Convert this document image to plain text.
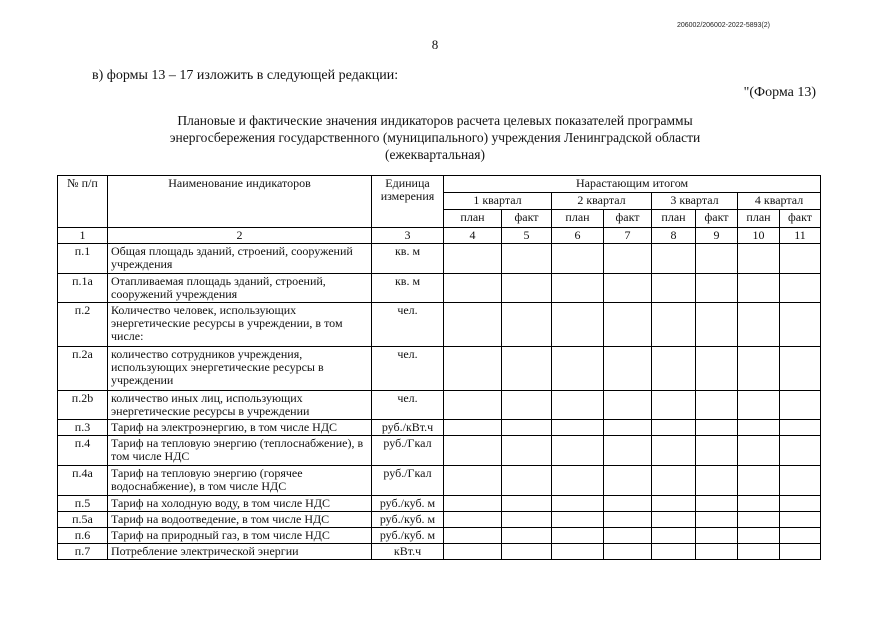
206002/206002-2022-5893(2)
8
в) формы 13 – 17 изложить в следующей редакции:
"(Форма 13)
Плановые и фактические значения индикаторов расчета целевых показателей программы
энергосбережения государственного (муниципального) учреждения Ленинградской области
(ежеквартальная)
№ п/п	Наименование индикаторов	Единица измерения	Нарастающим итогом							
			1 квартал		2 квартал		3 квартал		4 квартал	
			план	факт	план	факт	план	факт	план	факт
1	2	3	4	5	6	7	8	9	10	11
п.1	Общая площадь зданий, строений, сооружений учреждения	кв. м								
п.1а	Отапливаемая площадь зданий, строений, сооружений учреждения	кв. м								
п.2	Количество человек, использующих энергетические ресурсы в учреждении, в том числе:	чел.								
п.2а	количество сотрудников учреждения, использующих энергетические ресурсы в учреждении	чел.								
п.2b	количество иных лиц, использующих энергетические ресурсы в учреждении	чел.								
п.3	Тариф на электроэнергию, в том числе НДС	руб./кВт.ч								
п.4	Тариф на тепловую энергию (теплоснабжение), в том числе НДС	руб./Гкал								
п.4а	Тариф на тепловую энергию (горячее водоснабжение), в том числе НДС	руб./Гкал								
п.5	Тариф на холодную воду, в том числе НДС	руб./куб. м								
п.5а	Тариф на водоотведение, в том числе НДС	руб./куб. м								
п.6	Тариф на природный газ, в том числе НДС	руб./куб. м								
п.7	Потребление электрической энергии	кВт.ч								
